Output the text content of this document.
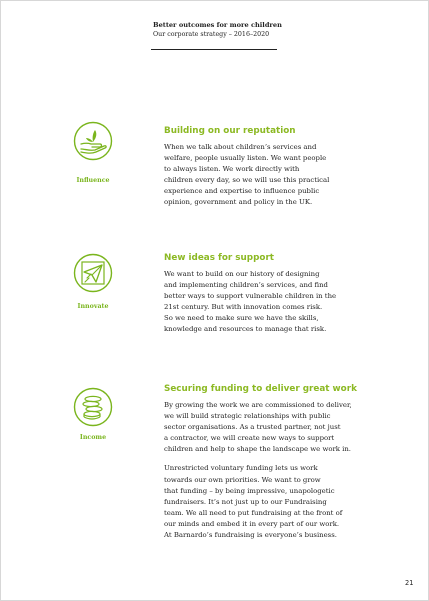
Better outcomes for more children
Our corporate strategy – 2016–2020
Influence
Building on our reputation
When we talk about children’s services and
welfare, people usually listen. We want people
to always listen. We work directly with
children every day, so we will use this practical
experience and expertise to influence public
opinion, government and policy in the UK.
Innovate
New ideas for support
We want to build on our history of designing
and implementing children’s services, and find
better ways to support vulnerable children in the
21st century. But with innovation comes risk.
So we need to make sure we have the skills,
knowledge and resources to manage that risk.
Income
Securing funding to deliver great work
By growing the work we are commissioned to deliver,
we will build strategic relationships with public
sector organisations. As a trusted partner, not just
a contractor, we will create new ways to support
children and help to shape the landscape we work in.
Unrestricted voluntary funding lets us work
towards our own priorities. We want to grow
that funding – by being impressive, unapologetic
fundraisers. It’s not just up to our Fundraising
team. We all need to put fundraising at the front of
our minds and embed it in every part of our work.
At Barnardo’s fundraising is everyone’s business.
21
